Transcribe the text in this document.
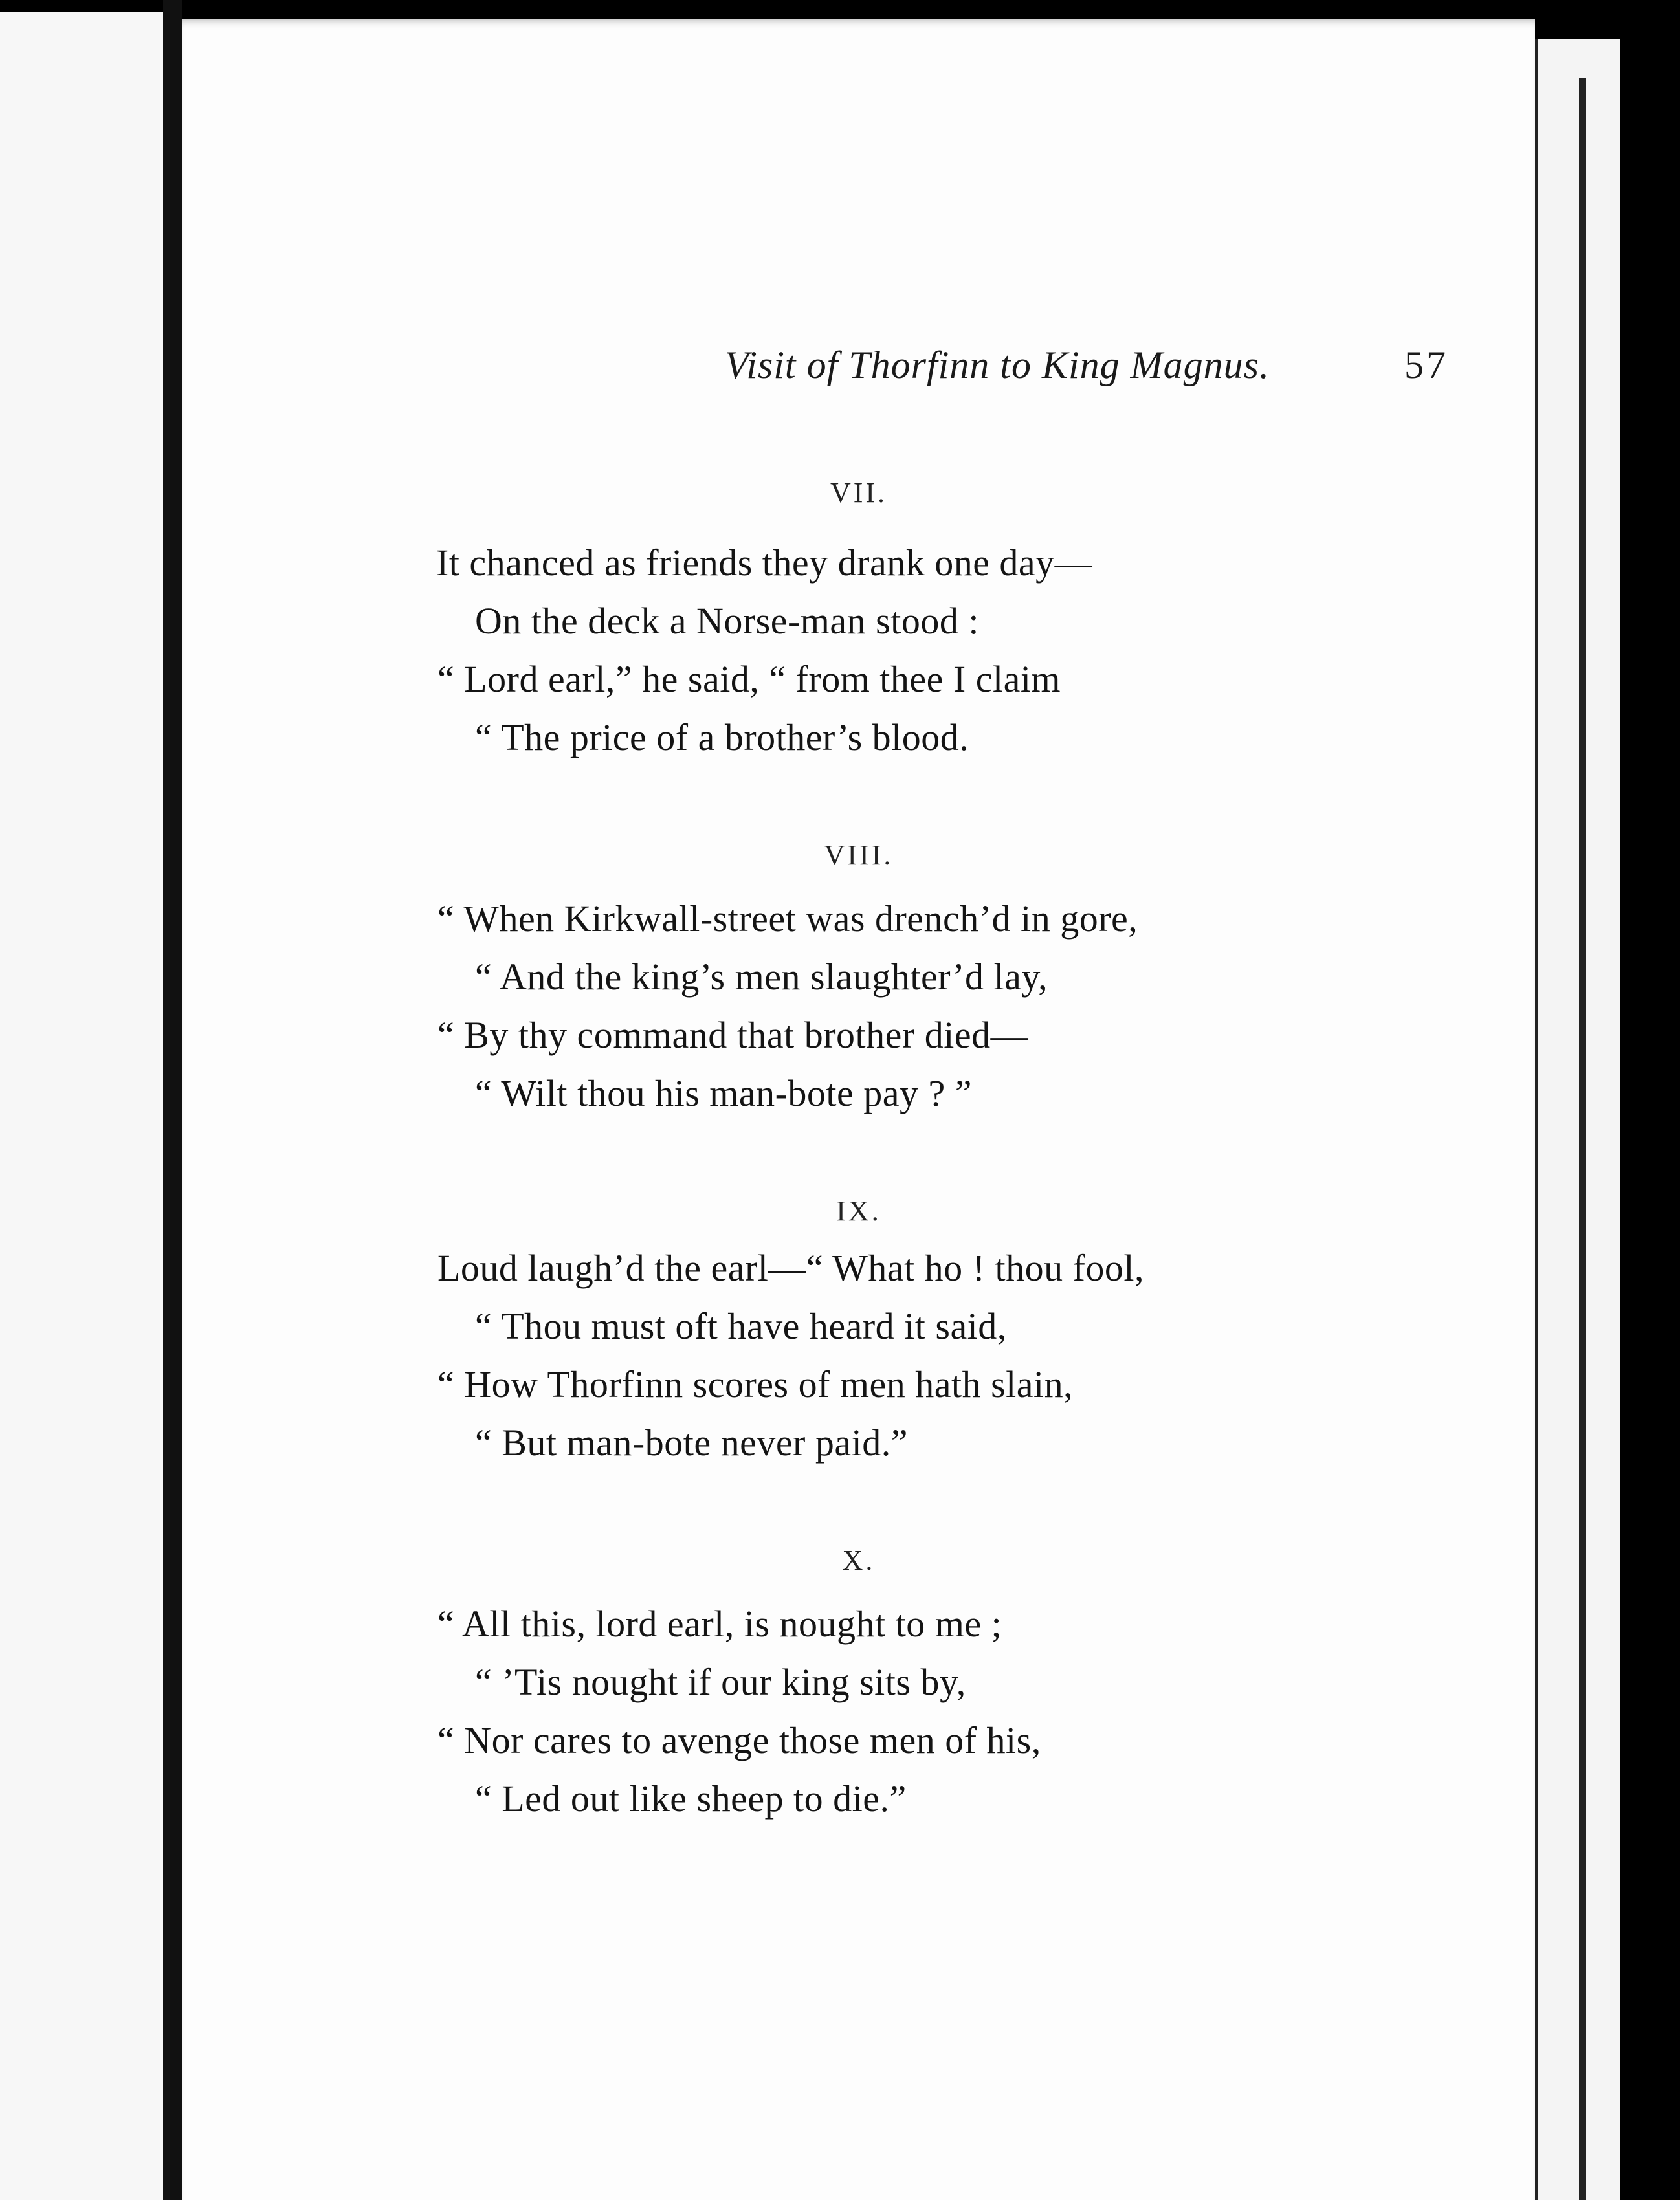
Visit of Thorfinn to King Magnus.	57
VII.
It chanced as friends they drank one day—
On the deck a Norse-man stood :
“ Lord earl,” he said, “ from thee I claim
“ The price of a brother’s blood.
VIII.
“ When Kirkwall-street was drench’d in gore,
“ And the king’s men slaughter’d lay,
“ By thy command that brother died—
“ Wilt thou his man-bote pay ? ”
IX.
Loud laugh’d the earl—“ What ho ! thou fool,
“ Thou must oft have heard it said,
“ How Thorfinn scores of men hath slain,
“ But man-bote never paid.”
X.
“ All this, lord earl, is nought to me ;
“ ’Tis nought if our king sits by,
“ Nor cares to avenge those men of his,
“ Led out like sheep to die.”
